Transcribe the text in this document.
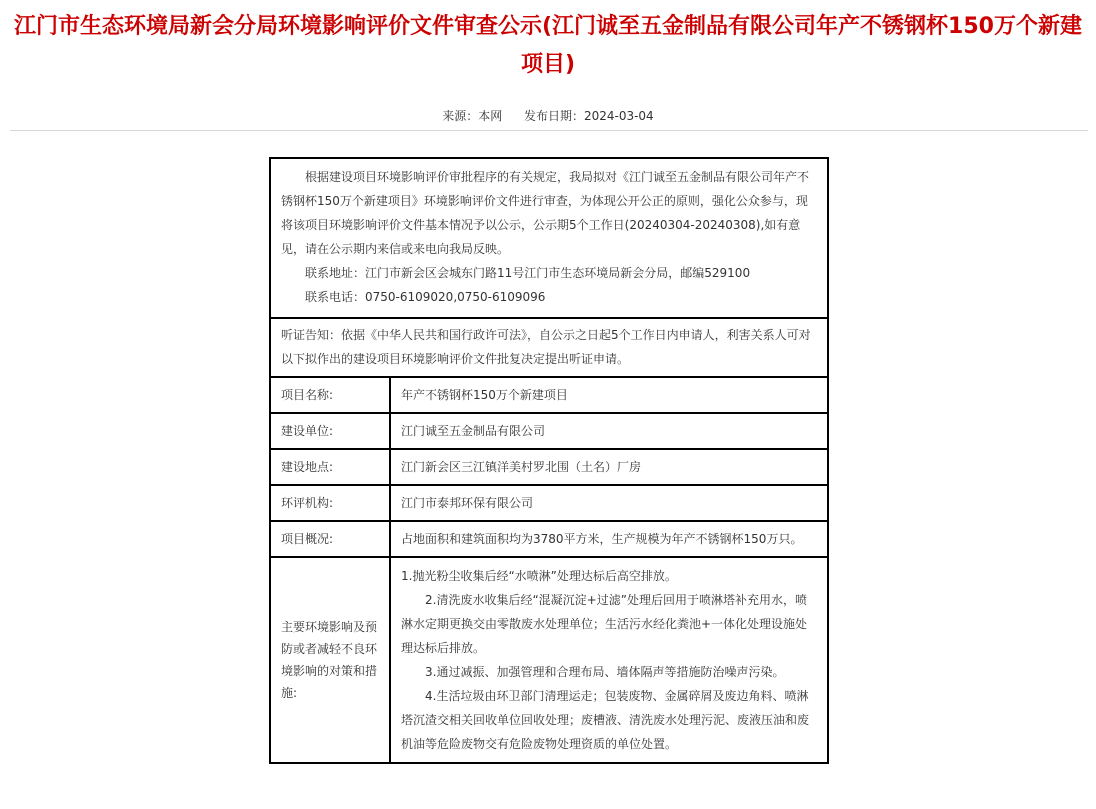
江门市生态环境局新会分局环境影响评价文件审查公示(江门诚至五金制品有限公司年产不锈钢杯150万个新建项目)
来源：本网 发布日期：2024-03-04

根据建设项目环境影响评价审批程序的有关规定，我局拟对《江门诚至五金制品有限公司年产不锈钢杯150万个新建项目》环境影响评价文件进行审查，为体现公开公正的原则，强化公众参与，现将该项目环境影响评价文件基本情况予以公示，公示期5个工作日(20240304-20240308),如有意见，请在公示期内来信或来电向我局反映。

联系地址：江门市新会区会城东门路11号江门市生态环境局新会分局，邮编529100

联系电话：0750-6109020,0750-6109096	

听证告知：依据《中华人民共和国行政许可法》，自公示之日起5个工作日内申请人，利害关系人可对以下拟作出的建设项目环境影响评价文件批复决定提出听证申请。	

项目名称:	年产不锈钢杯150万个新建项目
建设单位:	江门诚至五金制品有限公司
建设地点:	江门新会区三江镇洋美村罗北围（土名）厂房
环评机构:	江门市泰邦环保有限公司
项目概况:	占地面积和建筑面积均为3780平方米，生产规模为年产不锈钢杯150万只。
主要环境影响及预防或者减轻不良环境影响的对策和措施:	1.抛光粉尘收集后经“水喷淋”处理达标后高空排放。

2.清洗废水收集后经“混凝沉淀+过滤”处理后回用于喷淋塔补充用水，喷淋水定期更换交由零散废水处理单位；生活污水经化粪池+一体化处理设施处理达标后排放。

3.通过减振、加强管理和合理布局、墙体隔声等措施防治噪声污染。

4.生活垃圾由环卫部门清理运走；包装废物、金属碎屑及废边角料、喷淋塔沉渣交相关回收单位回收处理；废槽液、清洗废水处理污泥、废液压油和废机油等危险废物交有危险废物处理资质的单位处置。
